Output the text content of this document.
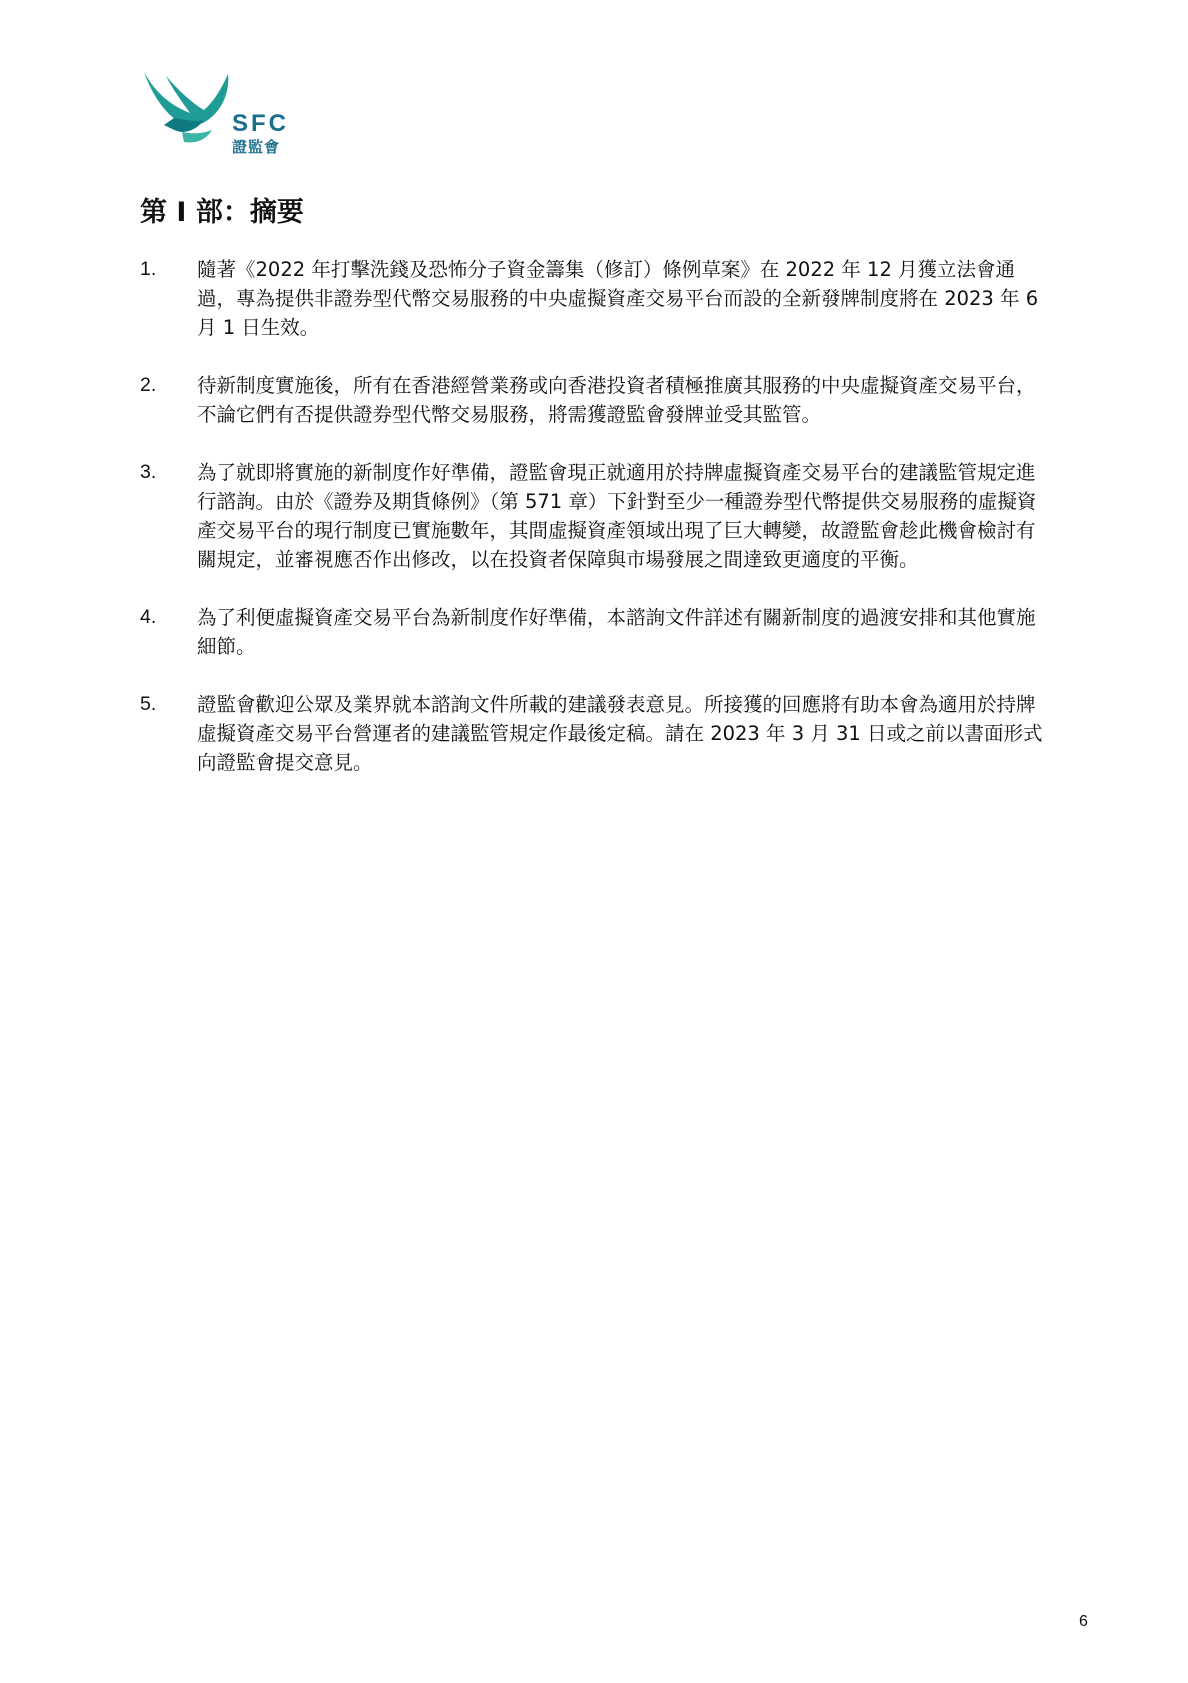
SFC
證監會
第 I 部：摘要
1. 隨著《2022 年打擊洗錢及恐怖分子資金籌集（修訂）條例草案》在 2022 年 12 月獲立法會通過，專為提供非證券型代幣交易服務的中央虛擬資產交易平台而設的全新發牌制度將在 2023 年 6 月 1 日生效。
2. 待新制度實施後，所有在香港經營業務或向香港投資者積極推廣其服務的中央虛擬資產交易平台，不論它們有否提供證券型代幣交易服務，將需獲證監會發牌並受其監管。
3. 為了就即將實施的新制度作好準備，證監會現正就適用於持牌虛擬資產交易平台的建議監管規定進行諮詢。由於《證券及期貨條例》（第 571 章）下針對至少一種證券型代幣提供交易服務的虛擬資產交易平台的現行制度已實施數年，其間虛擬資產領域出現了巨大轉變，故證監會趁此機會檢討有關規定，並審視應否作出修改，以在投資者保障與市場發展之間達致更適度的平衡。
4. 為了利便虛擬資產交易平台為新制度作好準備，本諮詢文件詳述有關新制度的過渡安排和其他實施細節。
5. 證監會歡迎公眾及業界就本諮詢文件所載的建議發表意見。所接獲的回應將有助本會為適用於持牌虛擬資產交易平台營運者的建議監管規定作最後定稿。請在 2023 年 3 月 31 日或之前以書面形式向證監會提交意見。
6
